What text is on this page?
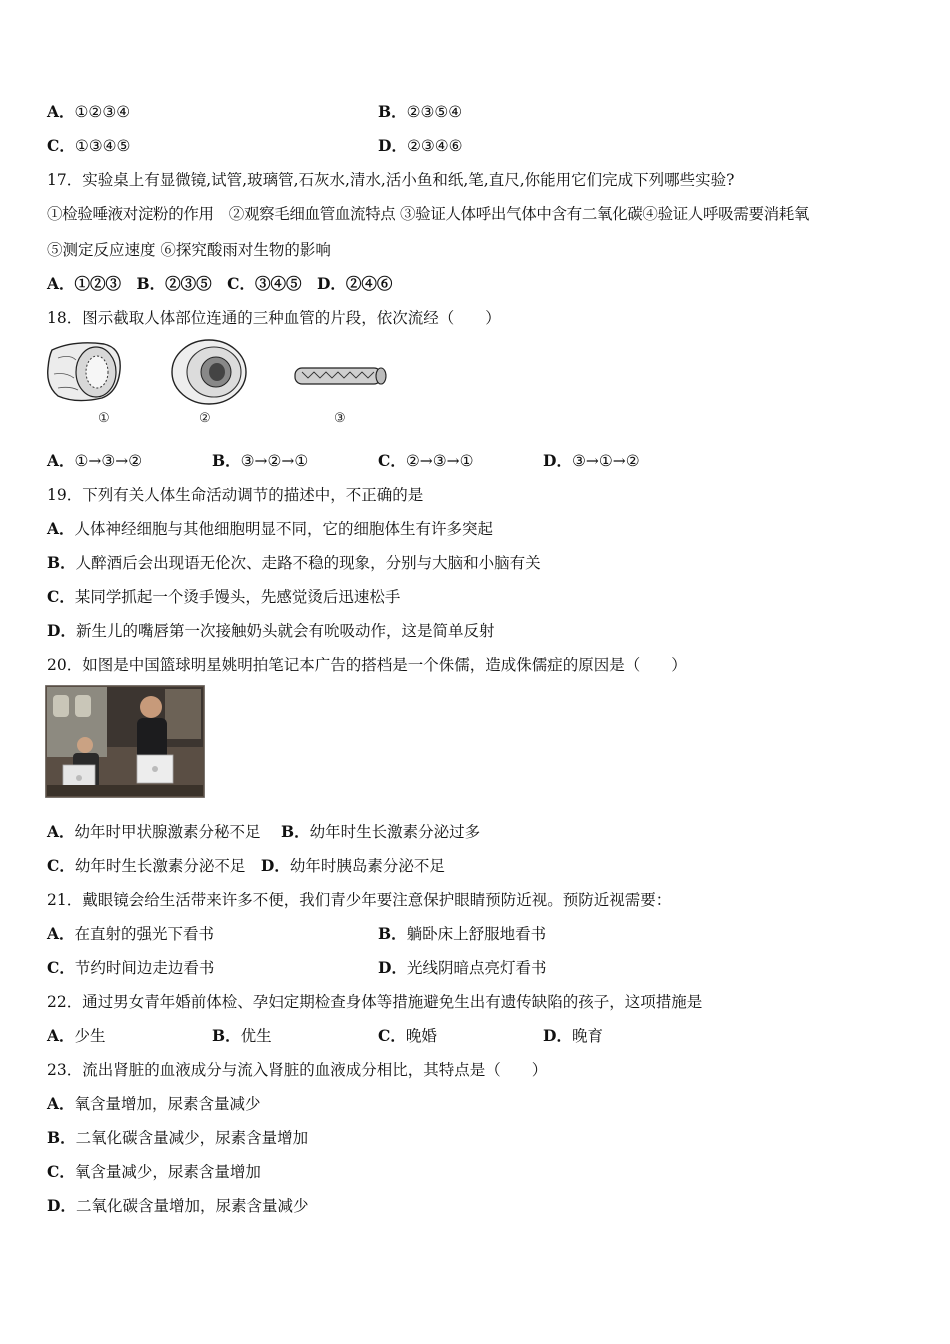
A．①②③④	B．②③⑤④
C．①③④⑤	D．②③④⑥
17．实验桌上有显微镜,试管,玻璃管,石灰水,清水,活小鱼和纸,笔,直尺,你能用它们完成下列哪些实验?
①检验唾液对淀粉的作用　②观察毛细血管血流特点 ③验证人体呼出气体中含有二氧化碳④验证人呼吸需要消耗氧
⑤测定反应速度 ⑥探究酸雨对生物的影响
A．①②③　B．②③⑤　C．③④⑤　D．②④⑥
18．图示截取人体部位连通的三种血管的片段，依次流经（　　）
①	②	③
A．①→③→②	B．③→②→①	C．②→③→①	D．③→①→②
19．下列有关人体生命活动调节的描述中，不正确的是
A．人体神经细胞与其他细胞明显不同，它的细胞体生有许多突起
B．人醉酒后会出现语无伦次、走路不稳的现象，分别与大脑和小脑有关
C．某同学抓起一个烫手馒头，先感觉烫后迅速松手
D．新生儿的嘴唇第一次接触奶头就会有吮吸动作，这是简单反射
20．如图是中国篮球明星姚明拍笔记本广告的搭档是一个侏儒，造成侏儒症的原因是（　　）
A．幼年时甲状腺激素分秘不足　 B．幼年时生长激素分泌过多
C．幼年时生长激素分泌不足　 D．幼年时胰岛素分泌不足
21．戴眼镜会给生活带来许多不便，我们青少年要注意保护眼睛预防近视。预防近视需要：
A．在直射的强光下看书	B．躺卧床上舒服地看书
C．节约时间边走边看书	D．光线阴暗点亮灯看书
22．通过男女青年婚前体检、孕妇定期检查身体等措施避免生出有遗传缺陷的孩子，这项措施是
A．少生	B．优生	C．晚婚	D．晚育
23．流出肾脏的血液成分与流入肾脏的血液成分相比，其特点是（　　）
A．氧含量增加，尿素含量减少
B．二氧化碳含量减少，尿素含量增加
C．氧含量减少，尿素含量增加
D．二氧化碳含量增加，尿素含量减少
